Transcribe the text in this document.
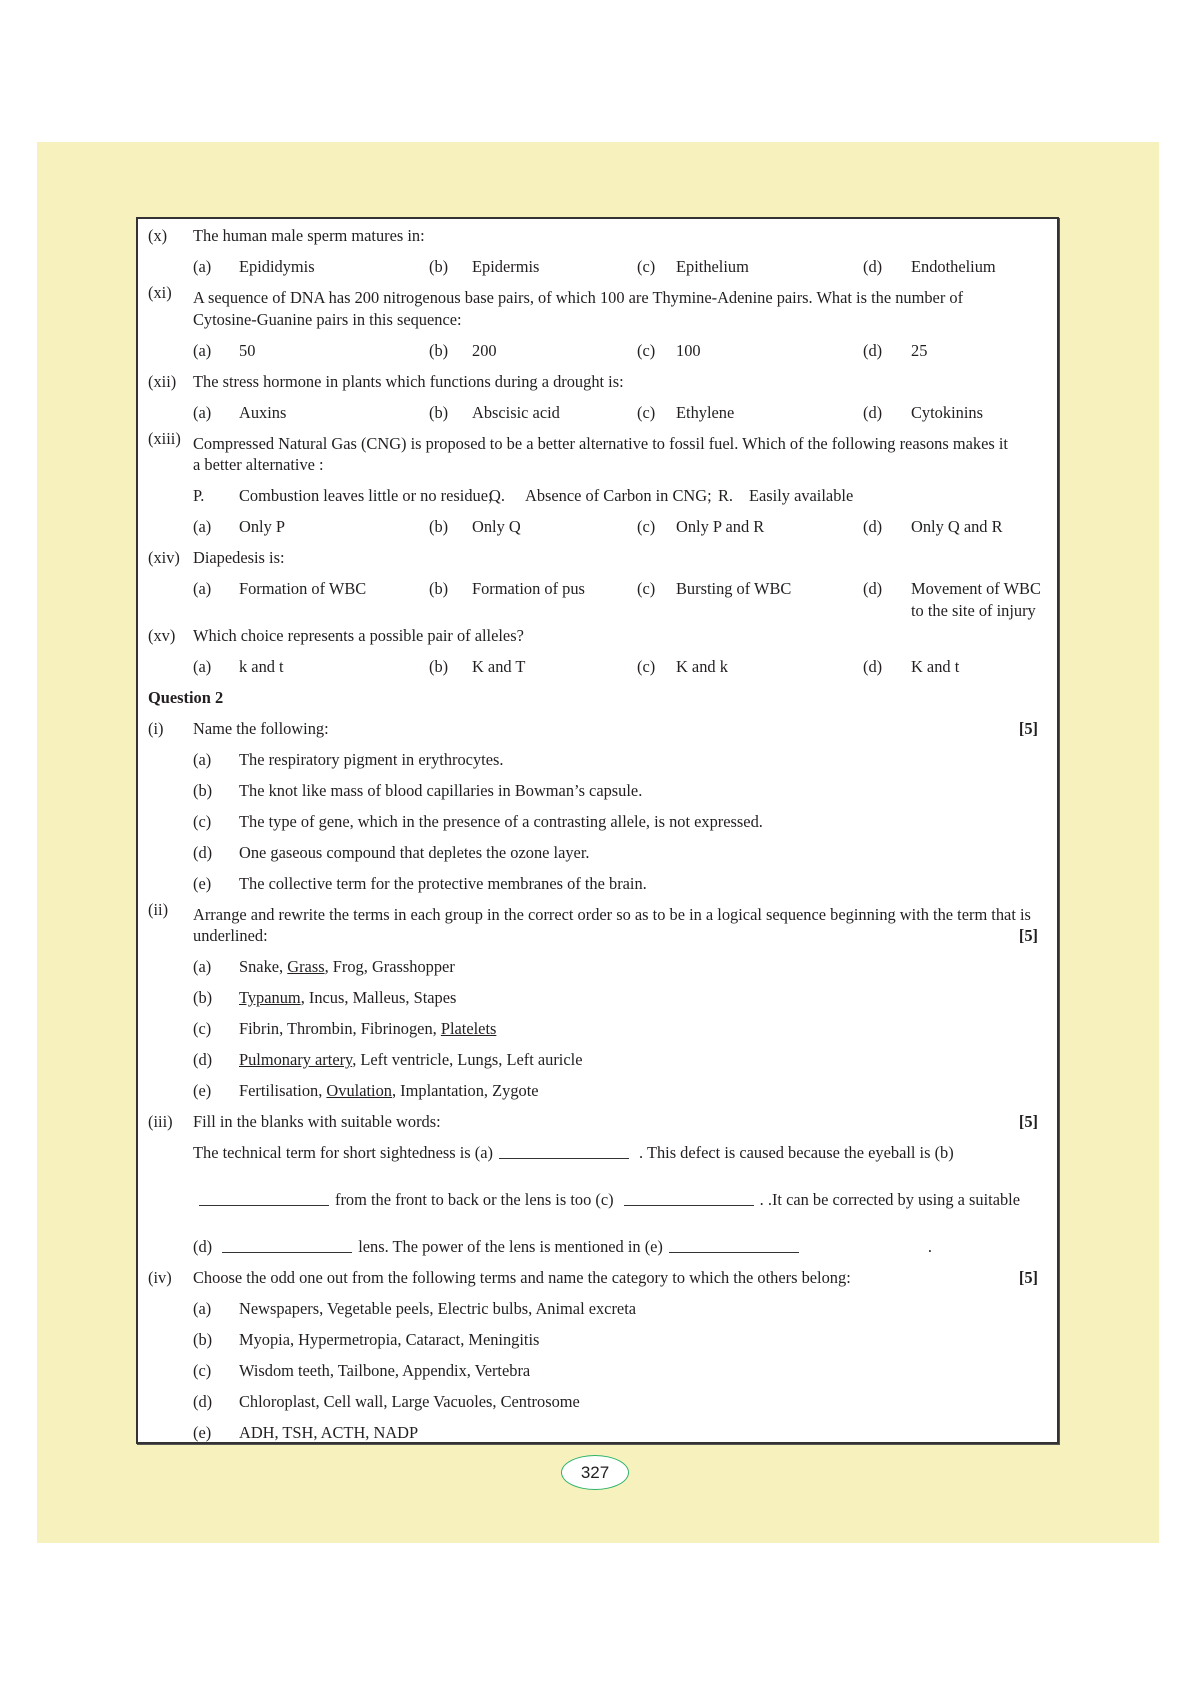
(x) The human male sperm matures in:
(a) Epididymis	(b) Epidermis	(c) Epithelium	(d) Endothelium
(xi) A sequence of DNA has 200 nitrogenous base pairs, of which 100 are Thymine-Adenine pairs. What is the number of Cytosine-Guanine pairs in this sequence:
(a) 50	(b) 200	(c) 100	(d) 25
(xii) The stress hormone in plants which functions during a drought is:
(a) Auxins	(b) Abscisic acid	(c) Ethylene	(d) Cytokinins
(xiii) Compressed Natural Gas (CNG) is proposed to be a better alternative to fossil fuel. Which of the following reasons makes it a better alternative :
P. Combustion leaves little or no residue;
Q. Absence of Carbon in CNG; R. Easily available
(a) Only P	(b) Only Q	(c) Only P and R	(d) Only Q and R
(xiv) Diapedesis is:
(a) Formation of WBC	(b) Formation of pus	(c) Bursting of WBC	(d) Movement of WBC to the site of injury
(xv) Which choice represents a possible pair of alleles?
(a) k and t	(b) K and T	(c) K and k	(d) K and t
Question 2
(i) Name the following:	[5]
(a) The respiratory pigment in erythrocytes.
(b) The knot like mass of blood capillaries in Bowman’s capsule.
(c) The type of gene, which in the presence of a contrasting allele, is not expressed.
(d) One gaseous compound that depletes the ozone layer.
(e) The collective term for the protective membranes of the brain.
(ii) Arrange and rewrite the terms in each group in the correct order so as to be in a logical sequence beginning with the term that is underlined:	[5]
(a) Snake, Grass, Frog, Grasshopper
(b) Typanum, Incus, Malleus, Stapes
(c) Fibrin, Thrombin, Fibrinogen, Platelets
(d) Pulmonary artery, Left ventricle, Lungs, Left auricle
(e) Fertilisation, Ovulation, Implantation, Zygote
(iii) Fill in the blanks with suitable words:	[5]
The technical term for short sightedness is (a)	. This defect is caused because the eyeball is (b)
from the front to back or the lens is too (c)	. .It can be corrected by using a suitable
(d)	lens. The power of the lens is mentioned in (e)	.
(iv) Choose the odd one out from the following terms and name the category to which the others belong:	[5]
(a) Newspapers, Vegetable peels, Electric bulbs, Animal excreta
(b) Myopia, Hypermetropia, Cataract, Meningitis
(c) Wisdom teeth, Tailbone, Appendix, Vertebra
(d) Chloroplast, Cell wall, Large Vacuoles, Centrosome
(e) ADH, TSH, ACTH, NADP
327
